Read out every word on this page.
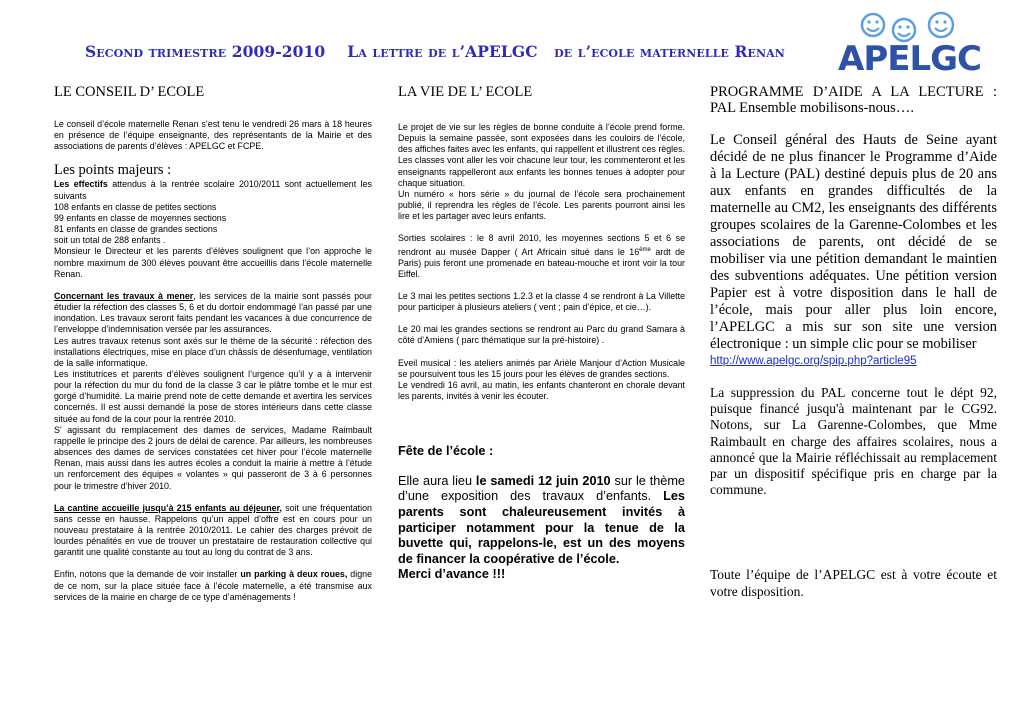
Second trimestre 2009-2010    La lettre de l’APELGC   de l’ecole maternelle Renan APELGC

LE CONSEIL D’ ECOLE

Le conseil d’école maternelle Renan s’est tenu le vendredi 26 mars à 18 heures en présence de l’équipe enseignante, des représentants de la Mairie et des associations de parents d’élèves : APELGC et FCPE.

Les points majeurs :

Les effectifs attendus à la rentrée scolaire 2010/2011 sont actuellement les suivants

108 enfants en classe de petites sections

99 enfants en classe de moyennes sections

81 enfants en classe de grandes sections

soit un total de 288 enfants .

Monsieur le Directeur et les parents d’élèves soulignent que l’on approche le nombre maximum de 300 élèves pouvant être accueillis dans l’école maternelle Renan.

Concernant les travaux à mener, les services de la mairie sont passés pour étudier la réfection des classes 5, 6 et du dortoir endommagé l’an passé par une inondation. Les travaux seront faits pendant les vacances à due concurrence de l’enveloppe d’indemnisation versée par les assurances.

Les autres travaux retenus sont axés sur le thème de la sécurité : réfection des installations électriques, mise en place d’un châssis de désenfumage, ventilation de la salle informatique.

Les institutrices et parents d’élèves soulignent l’urgence qu’il y a à intervenir pour la réfection du mur du fond de la classe 3 car le plâtre tombe et le mur est gorgé d’humidité. La mairie prend note de cette demande et avertira les services concernés. Il est aussi demandé la pose de stores intérieurs dans cette classe située au fond de la cour pour la rentrée 2010.

S’ agissant du remplacement des dames de services, Madame Raimbault rappelle le principe des 2 jours de délai de carence. Par ailleurs, les nombreuses absences des dames de services constatées cet hiver pour l’école maternelle Renan, mais aussi dans les autres écoles a conduit la mairie à mettre à l’étude un renforcement des équipes « volantes » qui passeront de 3 à 6 personnes pour le trimestre d’hiver 2010.

La cantine accueille jusqu’à 215 enfants au déjeuner, soit une fréquentation sans cesse en hausse. Rappelons qu’un appel d’offre est en cours pour un nouveau prestataire à la rentrée 2010/2011. Le cahier des charges prévoit de lourdes pénalités en vue de trouver un prestataire de restauration collective qui garantit une qualité constante au tout au long du contrat de 3 ans.

Enfin, notons que la demande de voir installer un parking à deux roues, digne de ce nom, sur la place située face à l’école maternelle, a été transmise aux services de la mairie en charge de ce type d’aménagements !

LA VIE DE L’ ECOLE

Le projet de vie sur les règles de bonne conduite à l’école prend forme. Depuis la semaine passée, sont exposées dans les couloirs de l’école, des affiches faites avec les enfants, qui rappellent et illustrent ces règles. Les classes vont aller les voir chacune leur tour, les commenteront et les enseignants rappelleront aux enfants les bonnes tenues à adopter pour chaque situation.

Un numéro « hors série » du journal de l’école sera prochainement publié, il reprendra les règles de l’école. Les parents pourront ainsi les lire et les partager avec leurs enfants.

Sorties scolaires : le 8 avril 2010, les moyennes sections 5 et 6 se rendront au musée Dapper ( Art Africain situé dans le 16ème ardt de Paris) puis feront une promenade en bateau-mouche et iront voir la tour Eiffel.

Le 3 mai les petites sections 1.2.3 et la classe 4 se rendront à La Villette pour participer à plusieurs ateliers ( vent ; pain d’épice, et cie…).

Le 20 mai les grandes sections se rendront au Parc du grand Samara à côté d’Amiens ( parc thématique sur la pré-histoire) .

Eveil musical : les ateliers animés par Arièle Manjour d’Action Musicale se poursuivent tous les 15 jours pour les élèves de grandes sections.

Le vendredi 16 avril, au matin, les enfants chanteront en chorale devant les parents, invités à venir les écouter.

Fête de l’école :

Elle aura lieu le samedi 12 juin 2010 sur le thème d’une exposition des travaux d’enfants. Les parents sont chaleureusement invités à participer notamment pour la tenue de la buvette qui, rappelons-le, est un des moyens de financer la coopérative de l’école.

Merci d’avance !!!

PROGRAMME D’AIDE A LA LECTURE : PAL Ensemble mobilisons-nous….

Le Conseil général des Hauts de Seine ayant décidé de ne plus financer le Programme d’Aide à la Lecture (PAL) destiné depuis plus de 20 ans aux enfants en grandes difficultés de la maternelle au CM2, les enseignants des différents groupes scolaires de la Garenne-Colombes et les associations de parents, ont décidé de se mobiliser via une pétition demandant le maintien des subventions adéquates. Une pétition version Papier est à votre disposition dans le hall de l’école, mais pour aller plus loin encore, l’APELGC a mis sur son site une version électronique : un simple clic pour se mobiliser

http://www.apelgc.org/spip.php?article95

La suppression du PAL concerne tout le dépt 92, puisque financé jusqu'à maintenant par le CG92. Notons, sur La Garenne-Colombes, que Mme Raimbault en charge des affaires scolaires, nous a annoncé que la Mairie réfléchissait au remplacement par un dispositif spécifique pris en charge par la commune.

Toute l’équipe de l’APELGC est à votre écoute et votre disposition.
